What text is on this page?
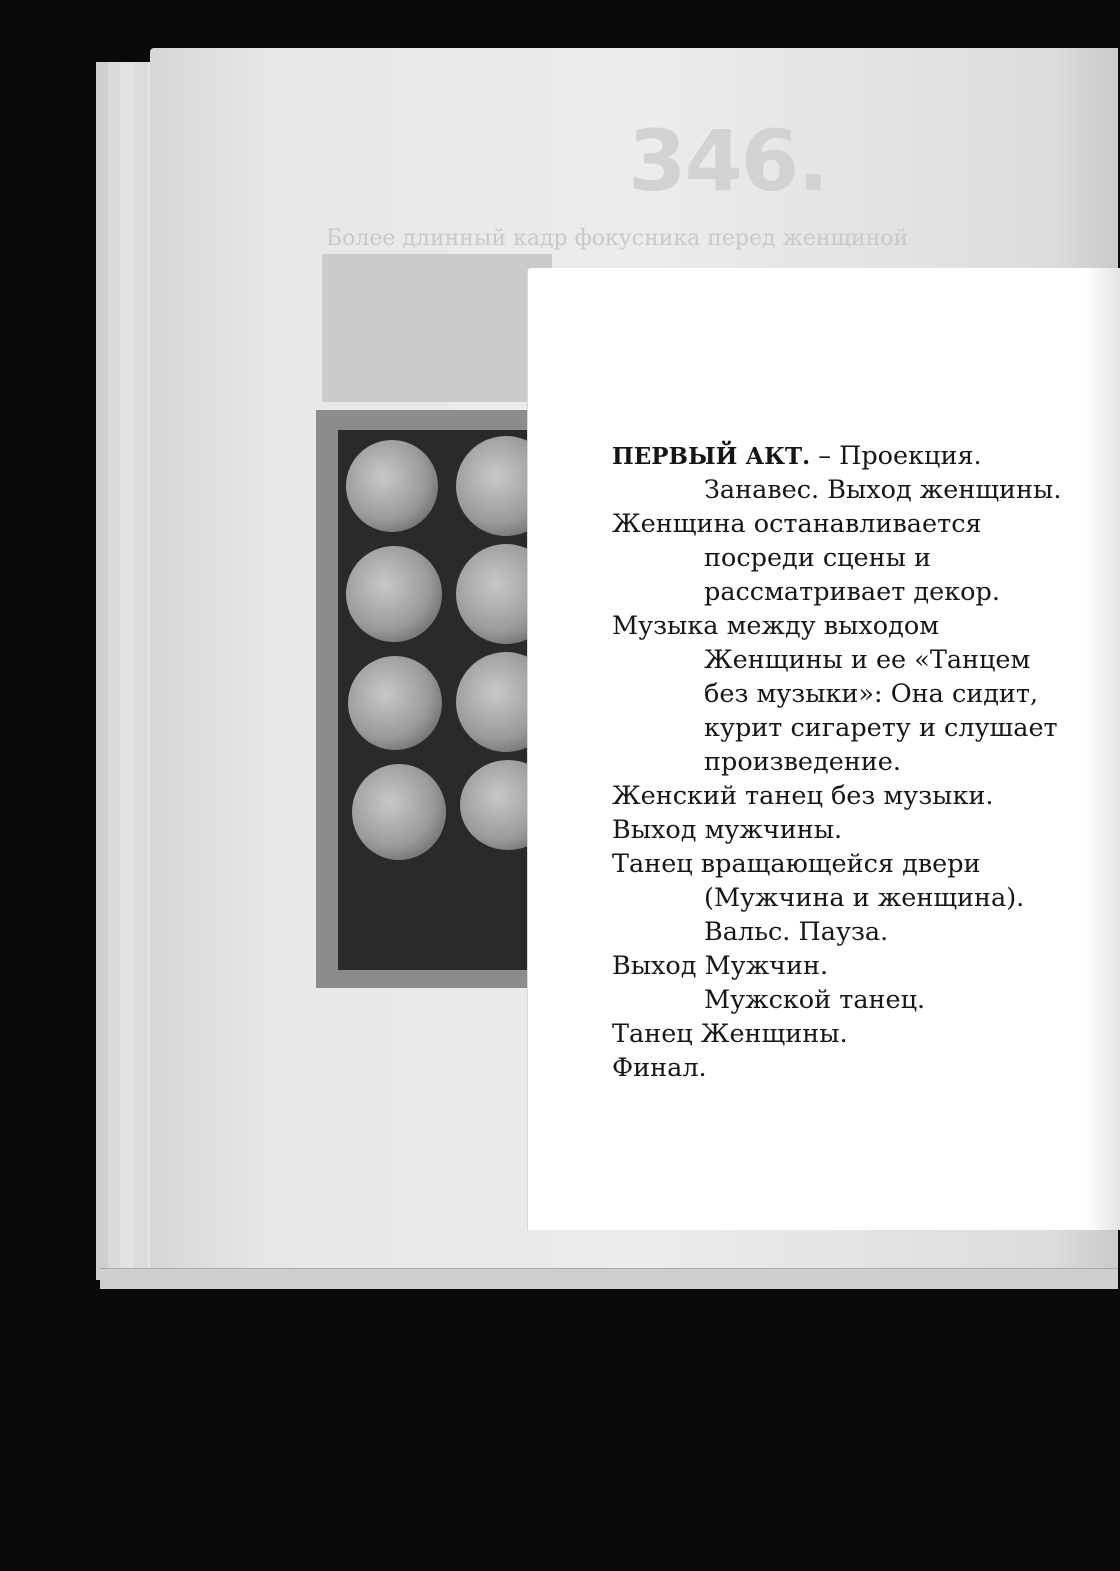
346.
Более длинный кадр фокусника перед женщиной
ПЕРВЫЙ АКТ. – Проекция.
Занавес. Выход женщины.
Женщина останавливается
посреди сцены и
рассматривает декор.
Музыка между выходом
Женщины и ее «Танцем
без музыки»: Она сидит,
курит сигарету и слушает
произведение.
Женский танец без музыки.
Выход мужчины.
Танец вращающейся двери
(Мужчина и женщина).
Вальс. Пауза.
Выход Мужчин.
Мужской танец.
Танец Женщины.
Финал.
